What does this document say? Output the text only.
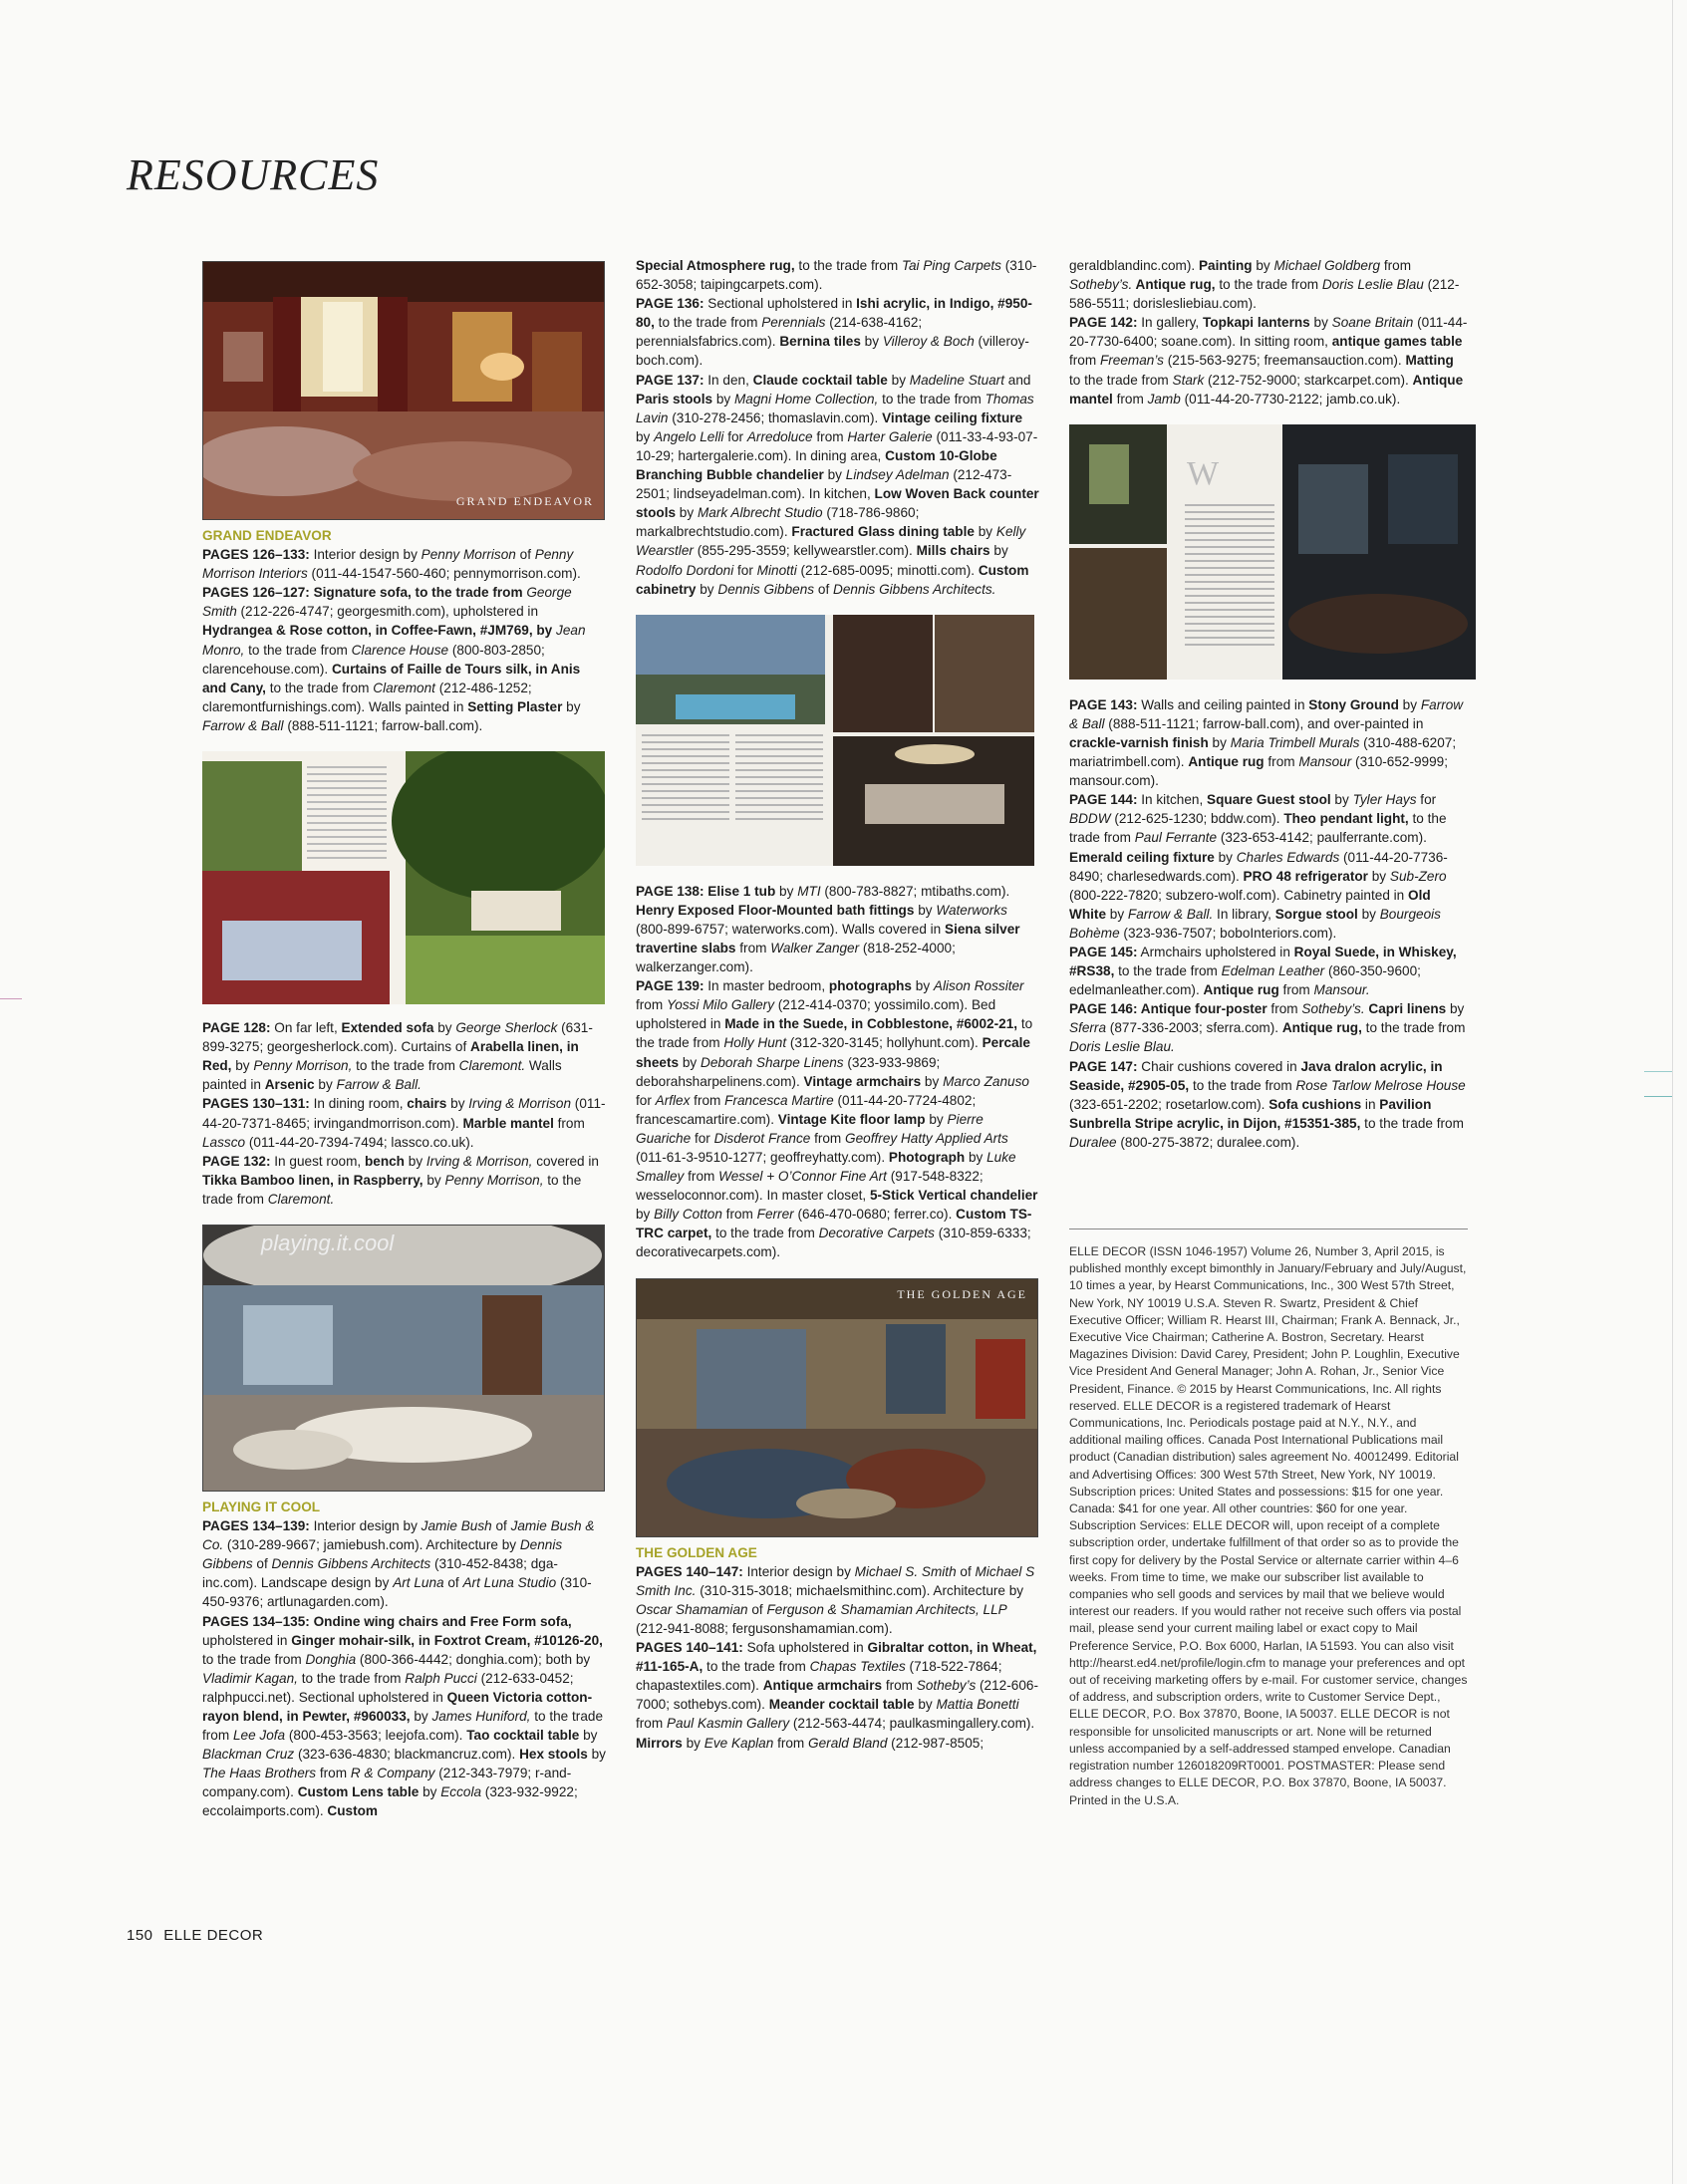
RESOURCES
GRAND ENDEAVOR

GRAND ENDEAVOR

PAGES 126–133: Interior design by Penny Morrison of Penny Morrison Interiors (011-44-1547-560-460; pennymorrison.com).

PAGES 126–127: Signature sofa, to the trade from George Smith (212-226-4747; georgesmith.com), upholstered in Hydrangea & Rose cotton, in Coffee-Fawn, #JM769, by Jean Monro, to the trade from Clarence House (800-803-2850; clarencehouse.com). Curtains of Faille de Tours silk, in Anis and Cany, to the trade from Claremont (212-486-1252; claremontfurnishings.com). Walls painted in Setting Plaster by Farrow & Ball (888-511-1121; farrow-ball.com).

PAGE 128: On far left, Extended sofa by George Sherlock (631-899-3275; georgesherlock.com). Curtains of Arabella linen, in Red, by Penny Morrison, to the trade from Claremont. Walls painted in Arsenic by Farrow & Ball.

PAGES 130–131: In dining room, chairs by Irving & Morrison (011-44-20-7371-8465; irvingandmorrison.com). Marble mantel from Lassco (011-44-20-7394-7494; lassco.co.uk).

PAGE 132: In guest room, bench by Irving & Morrison, covered in Tikka Bamboo linen, in Raspberry, by Penny Morrison, to the trade from Claremont.

playing.it.cool

PLAYING IT COOL

PAGES 134–139: Interior design by Jamie Bush of Jamie Bush & Co. (310-289-9667; jamiebush.com). Architecture by Dennis Gibbens of Dennis Gibbens Architects (310-452-8438; dga-inc.com). Landscape design by Art Luna of Art Luna Studio (310-450-9376; artlunagarden.com).

PAGES 134–135: Ondine wing chairs and Free Form sofa, upholstered in Ginger mohair-silk, in Foxtrot Cream, #10126-20, to the trade from Donghia (800-366-4442; donghia.com); both by Vladimir Kagan, to the trade from Ralph Pucci (212-633-0452; ralphpucci.net). Sectional upholstered in Queen Victoria cotton-rayon blend, in Pewter, #960033, by James Huniford, to the trade from Lee Jofa (800-453-3563; leejofa.com). Tao cocktail table by Blackman Cruz (323-636-4830; blackmancruz.com). Hex stools by The Haas Brothers from R & Company (212-343-7979; r-and-company.com). Custom Lens table by Eccola (323-932-9922; eccolaimports.com). Custom

Special Atmosphere rug, to the trade from Tai Ping Carpets (310-652-3058; taipingcarpets.com).

PAGE 136: Sectional upholstered in Ishi acrylic, in Indigo, #950-80, to the trade from Perennials (214-638-4162; perennialsfabrics.com). Bernina tiles by Villeroy & Boch (villeroy-boch.com).

PAGE 137: In den, Claude cocktail table by Madeline Stuart and Paris stools by Magni Home Collection, to the trade from Thomas Lavin (310-278-2456; thomaslavin.com). Vintage ceiling fixture by Angelo Lelli for Arredoluce from Harter Galerie (011-33-4-93-07-10-29; hartergalerie.com). In dining area, Custom 10-Globe Branching Bubble chandelier by Lindsey Adelman (212-473-2501; lindseyadelman.com). In kitchen, Low Woven Back counter stools by Mark Albrecht Studio (718-786-9860; markalbrechtstudio.com). Fractured Glass dining table by Kelly Wearstler (855-295-3559; kellywearstler.com). Mills chairs by Rodolfo Dordoni for Minotti (212-685-0095; minotti.com). Custom cabinetry by Dennis Gibbens of Dennis Gibbens Architects.

PAGE 138: Elise 1 tub by MTI (800-783-8827; mtibaths.com). Henry Exposed Floor-Mounted bath fittings by Waterworks (800-899-6757; waterworks.com). Walls covered in Siena silver travertine slabs from Walker Zanger (818-252-4000; walkerzanger.com).

PAGE 139: In master bedroom, photographs by Alison Rossiter from Yossi Milo Gallery (212-414-0370; yossimilo.com). Bed upholstered in Made in the Suede, in Cobblestone, #6002-21, to the trade from Holly Hunt (312-320-3145; hollyhunt.com). Percale sheets by Deborah Sharpe Linens (323-933-9869; deborahsharpelinens.com). Vintage armchairs by Marco Zanuso for Arflex from Francesca Martire (011-44-20-7724-4802; francescamartire.com). Vintage Kite floor lamp by Pierre Guariche for Disderot France from Geoffrey Hatty Applied Arts (011-61-3-9510-1277; geoffreyhatty.com). Photograph by Luke Smalley from Wessel + O’Connor Fine Art (917-548-8322; wesseloconnor.com). In master closet, 5-Stick Vertical chandelier by Billy Cotton from Ferrer (646-470-0680; ferrer.co). Custom TS-TRC carpet, to the trade from Decorative Carpets (310-859-6333; decorativecarpets.com).

THE GOLDEN AGE

THE GOLDEN AGE

PAGES 140–147: Interior design by Michael S. Smith of Michael S Smith Inc. (310-315-3018; michaelsmithinc.com). Architecture by Oscar Shamamian of Ferguson & Shamamian Architects, LLP (212-941-8088; fergusonshamamian.com).

PAGES 140–141: Sofa upholstered in Gibraltar cotton, in Wheat, #11-165-A, to the trade from Chapas Textiles (718-522-7864; chapastextiles.com). Antique armchairs from Sotheby’s (212-606-7000; sothebys.com). Meander cocktail table by Mattia Bonetti from Paul Kasmin Gallery (212-563-4474; paulkasmingallery.com). Mirrors by Eve Kaplan from Gerald Bland (212-987-8505;

geraldblandinc.com). Painting by Michael Goldberg from Sotheby’s. Antique rug, to the trade from Doris Leslie Blau (212-586-5511; dorislesliebiau.com).

PAGE 142: In gallery, Topkapi lanterns by Soane Britain (011-44-20-7730-6400; soane.com). In sitting room, antique games table from Freeman’s (215-563-9275; freemansauction.com). Matting to the trade from Stark (212-752-9000; starkcarpet.com). Antique mantel from Jamb (011-44-20-7730-2122; jamb.co.uk).

W

PAGE 143: Walls and ceiling painted in Stony Ground by Farrow & Ball (888-511-1121; farrow-ball.com), and over-painted in crackle-varnish finish by Maria Trimbell Murals (310-488-6207; mariatrimbell.com). Antique rug from Mansour (310-652-9999; mansour.com).

PAGE 144: In kitchen, Square Guest stool by Tyler Hays for BDDW (212-625-1230; bddw.com). Theo pendant light, to the trade from Paul Ferrante (323-653-4142; paulferrante.com). Emerald ceiling fixture by Charles Edwards (011-44-20-7736-8490; charlesedwards.com). PRO 48 refrigerator by Sub-Zero (800-222-7820; subzero-wolf.com). Cabinetry painted in Old White by Farrow & Ball. In library, Sorgue stool by Bourgeois Bohème (323-936-7507; boboInteriors.com).

PAGE 145: Armchairs upholstered in Royal Suede, in Whiskey, #RS38, to the trade from Edelman Leather (860-350-9600; edelmanleather.com). Antique rug from Mansour.

PAGE 146: Antique four-poster from Sotheby’s. Capri linens by Sferra (877-336-2003; sferra.com). Antique rug, to the trade from Doris Leslie Blau.

PAGE 147: Chair cushions covered in Java dralon acrylic, in Seaside, #2905-05, to the trade from Rose Tarlow Melrose House (323-651-2202; rosetarlow.com). Sofa cushions in Pavilion Sunbrella Stripe acrylic, in Dijon, #15351-385, to the trade from Duralee (800-275-3872; duralee.com).

ELLE DECOR (ISSN 1046-1957) Volume 26, Number 3, April 2015, is published monthly except bimonthly in January/February and July/August, 10 times a year, by Hearst Communications, Inc., 300 West 57th Street, New York, NY 10019 U.S.A. Steven R. Swartz, President & Chief Executive Officer; William R. Hearst III, Chairman; Frank A. Bennack, Jr., Executive Vice Chairman; Catherine A. Bostron, Secretary. Hearst Magazines Division: David Carey, President; John P. Loughlin, Executive Vice President And General Manager; John A. Rohan, Jr., Senior Vice President, Finance. © 2015 by Hearst Communications, Inc. All rights reserved. ELLE DECOR is a registered trademark of Hearst Communications, Inc. Periodicals postage paid at N.Y., N.Y., and additional mailing offices. Canada Post International Publications mail product (Canadian distribution) sales agreement No. 40012499. Editorial and Advertising Offices: 300 West 57th Street, New York, NY 10019. Subscription prices: United States and possessions: $15 for one year. Canada: $41 for one year. All other countries: $60 for one year. Subscription Services: ELLE DECOR will, upon receipt of a complete subscription order, undertake fulfillment of that order so as to provide the first copy for delivery by the Postal Service or alternate carrier within 4–6 weeks. From time to time, we make our subscriber list available to companies who sell goods and services by mail that we believe would interest our readers. If you would rather not receive such offers via postal mail, please send your current mailing label or exact copy to Mail Preference Service, P.O. Box 6000, Harlan, IA 51593. You can also visit http://hearst.ed4.net/profile/login.cfm to manage your preferences and opt out of receiving marketing offers by e-mail. For customer service, changes of address, and subscription orders, write to Customer Service Dept., ELLE DECOR, P.O. Box 37870, Boone, IA 50037. ELLE DECOR is not responsible for unsolicited manuscripts or art. None will be returned unless accompanied by a self-addressed stamped envelope. Canadian registration number 126018209RT0001. POSTMASTER: Please send address changes to ELLE DECOR, P.O. Box 37870, Boone, IA 50037. Printed in the U.S.A.
150 ELLE DECOR
